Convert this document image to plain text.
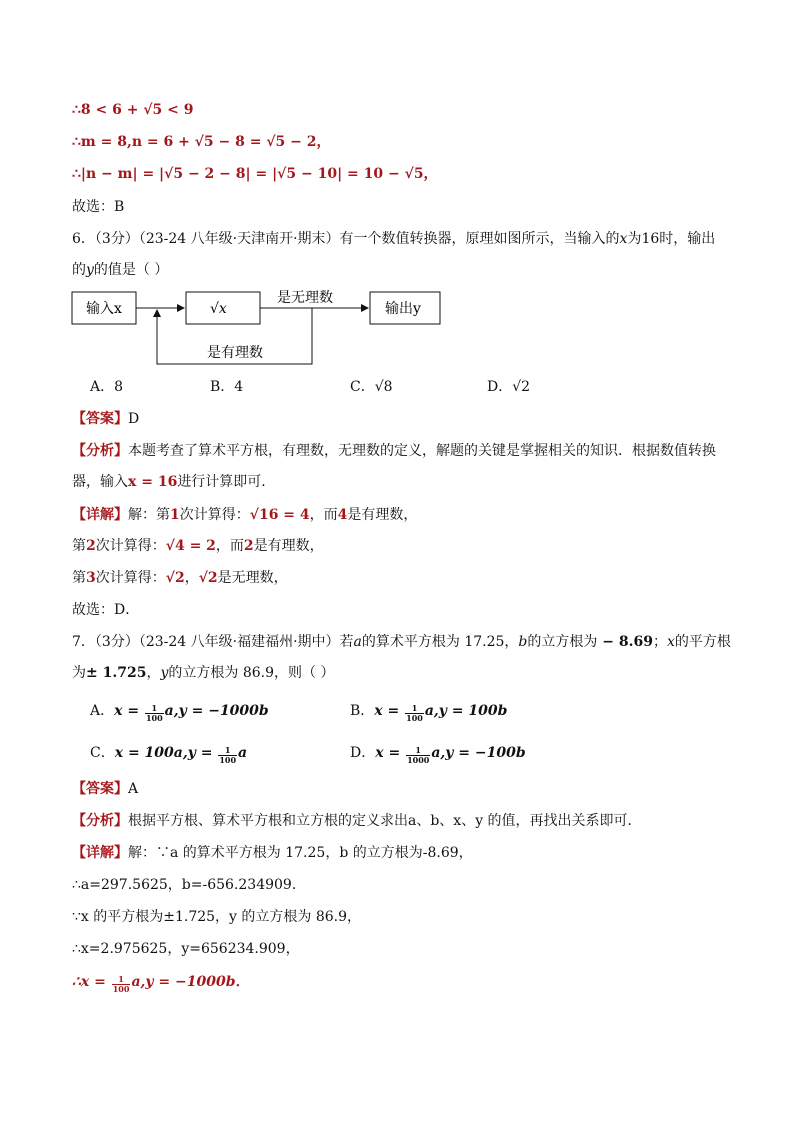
∴8 < 6 + √5 < 9
∴m = 8,n = 6 + √5 − 8 = √5 − 2，
∴|n − m| = |√5 − 2 − 8| = |√5 − 10| = 10 − √5，
故选：B
6．（3分）（23-24 八年级·天津南开·期末）有一个数值转换器，原理如图所示，当输入的x为16时，输出
的y的值是（ ）
输入x	√x
是无理数
输出y
是有理数
A．8	B．4	C．√8	D．√2
【答案】D
【分析】本题考查了算术平方根，有理数，无理数的定义，解题的关键是掌握相关的知识．根据数值转换
器，输入x = 16进行计算即可．
【详解】解：第1次计算得：√16 = 4，而4是有理数，
第2次计算得：√4 = 2，而2是有理数，
第3次计算得：√2，√2是无理数，
故选：D．
7．（3分）（23-24 八年级·福建福州·期中）若a的算术平方根为 17.25，b的立方根为 − 8.69；x的平方根
为± 1.725，y的立方根为 86.9，则（ ）
A．$x = \frac{1}{100} a,y = -1000b$	B．$x = \frac{1}{100} a,y = 100b$
C．$x = 100a,y = \frac{1}{100}$ a	D．$x = \frac{1}{1000} a,y = -100b$
【答案】A
【分析】根据平方根、算术平方根和立方根的定义求出a、b、x、y 的值，再找出关系即可．
【详解】解：∵a 的算术平方根为 17.25，b 的立方根为-8.69，
∴a=297.5625，b=-656.234909．
∵x 的平方根为±1.725，y 的立方根为 86.9，
∴x=2.975625，y=656234.909，
∴x = $\frac{1}{100} a,y = -1000b$．
